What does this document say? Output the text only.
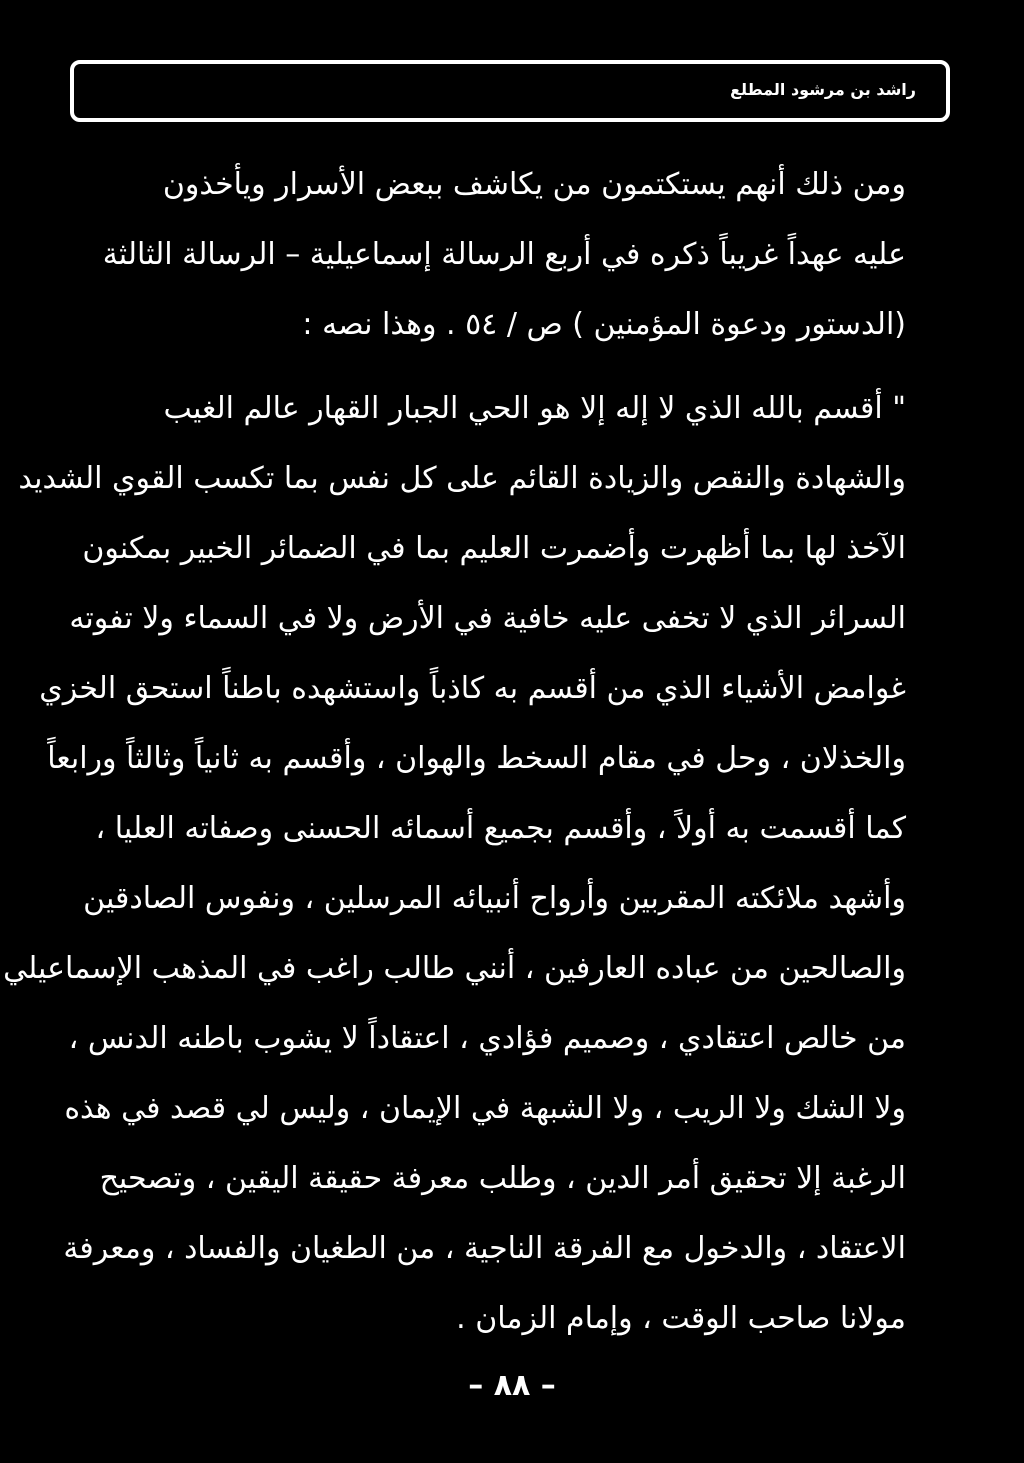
راشد بن مرشود المطلع
ومن ذلك أنهم يستكتمون من يكاشف ببعض الأسرار ويأخذون
عليه عهداً غريباً ذكره في أربع الرسالة إسماعيلية – الرسالة الثالثة
(الدستور ودعوة المؤمنين ) ص / ٥٤ . وهذا نصه :
" أقسم بالله الذي لا إله إلا هو الحي الجبار القهار عالم الغيب
والشهادة والنقص والزيادة القائم على كل نفس بما تكسب القوي الشديد
الآخذ لها بما أظهرت وأضمرت العليم بما في الضمائر الخبير بمكنون
السرائر الذي لا تخفى عليه خافية في الأرض ولا في السماء ولا تفوته
غوامض الأشياء الذي من أقسم به كاذباً واستشهده باطناً استحق الخزي
والخذلان ، وحل في مقام السخط والهوان ، وأقسم به ثانياً وثالثاً ورابعاً
كما أقسمت به أولاً ، وأقسم بجميع أسمائه الحسنى وصفاته العليا ،
وأشهد ملائكته المقربين وأرواح أنبيائه المرسلين ، ونفوس الصادقين
والصالحين من عباده العارفين ، أنني طالب راغب في المذهب الإسماعيلي
من خالص اعتقادي ، وصميم فؤادي ، اعتقاداً لا يشوب باطنه الدنس ،
ولا الشك ولا الريب ، ولا الشبهة في الإيمان ، وليس لي قصد في هذه
الرغبة إلا تحقيق أمر الدين ، وطلب معرفة حقيقة اليقين ، وتصحيح
الاعتقاد ، والدخول مع الفرقة الناجية ، من الطغيان والفساد ، ومعرفة
مولانا صاحب الوقت ، وإمام الزمان .
– ٨٨ –
